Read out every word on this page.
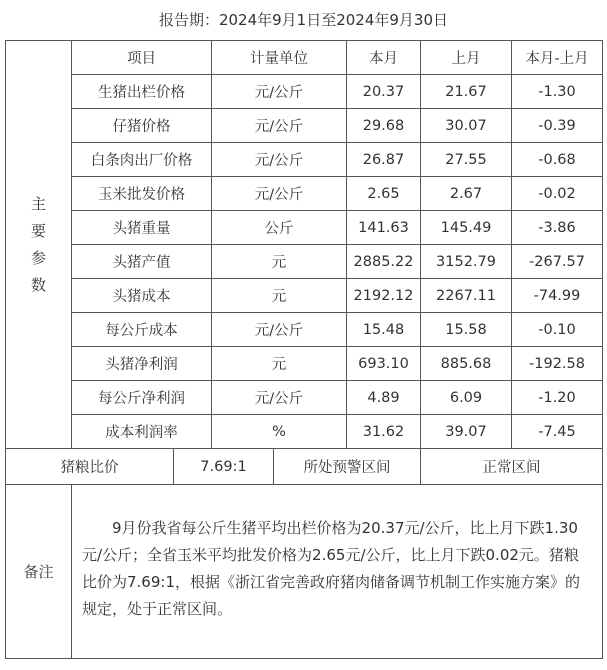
报告期：2024年9月1日至2024年9月30日
主
要
参
数	项目		计量单位		本月	上月	本月-上月	
	生猪出栏价格		元/公斤		20.37	21.67	-1.30	
	仔猪价格		元/公斤		29.68	30.07	-0.39	
	白条肉出厂价格		元/公斤		26.87	27.55	-0.68	
	玉米批发价格		元/公斤		2.65	2.67	-0.02	
	头猪重量		公斤		141.63	145.49	-3.86	
	头猪产值		元		2885.22	3152.79	-267.57	
	头猪成本		元		2192.12	2267.11	-74.99	
	每公斤成本		元/公斤		15.48	15.58	-0.10	
	头猪净利润		元		693.10	885.68	-192.58	
	每公斤净利润		元/公斤		4.89	6.09	-1.20	
	成本利润率		%		31.62	39.07	-7.45	
猪粮比价		7.69:1		所处预警区间		正常区间		
备注	9月份我省每公斤生猪平均出栏价格为20.37元/公斤，比上月下跌1.30元/公斤；全省玉米平均批发价格为2.65元/公斤，比上月下跌0.02元。猪粮比价为7.69:1，根据《浙江省完善政府猪肉储备调节机制工作实施方案》的规定，处于正常区间。							
